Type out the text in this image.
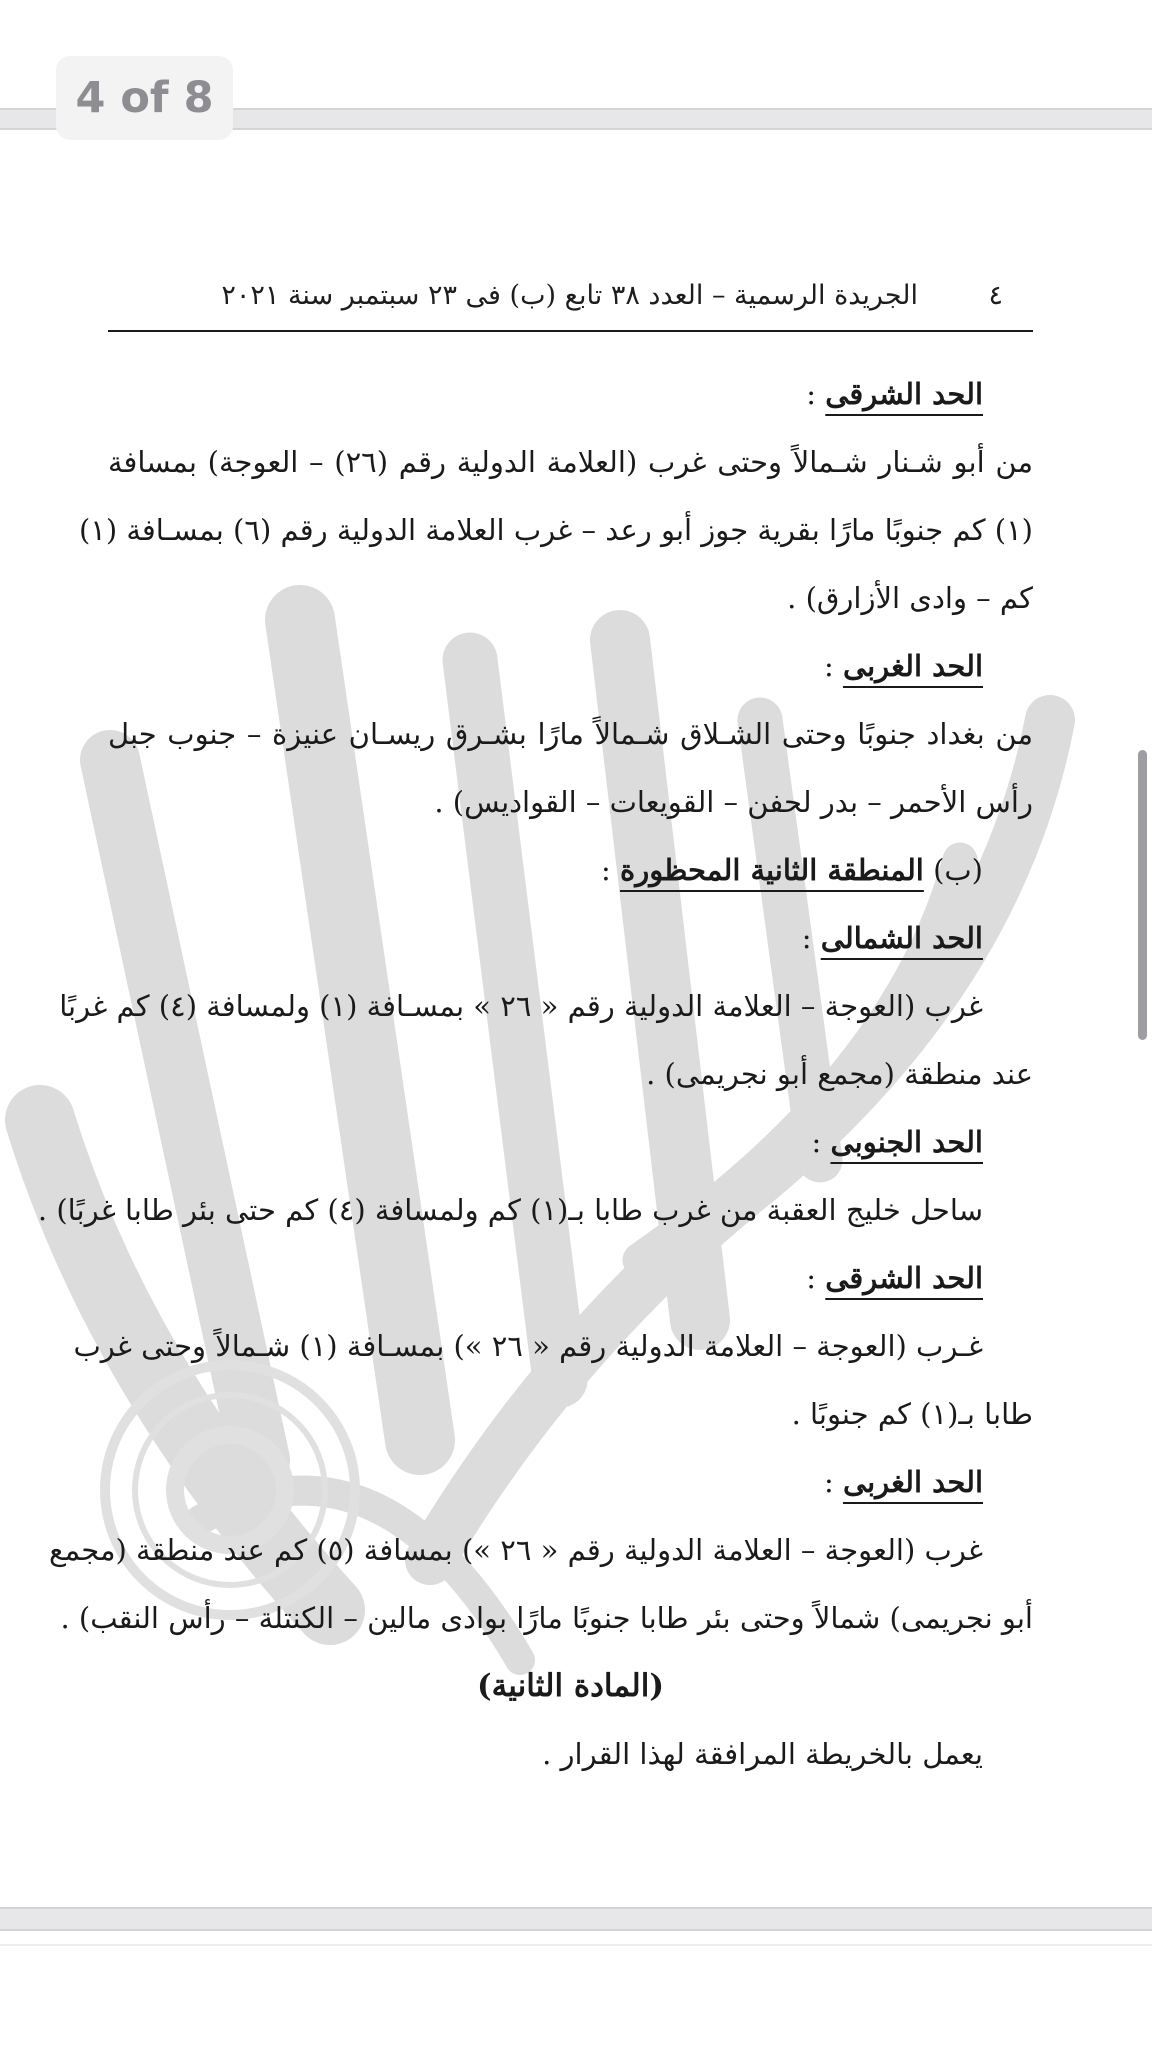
4 of 8
٤
الجريدة الرسمية – العدد ٣٨ تابع (ب) فى ٢٣ سبتمبر سنة ٢٠٢١
الحد الشرقى :
من أبو شـنار شـمالاً وحتى غرب (العلامة الدولية رقم (٢٦) – العوجة) بمسافة
(١) كم جنوبًا مارًا بقرية جوز أبو رعد – غرب العلامة الدولية رقم (٦) بمسـافة (١)
كم – وادى الأزارق) .
الحد الغربى :
من بغداد جنوبًا وحتى الشـلاق شـمالاً مارًا بشـرق ريسـان عنيزة – جنوب جبل
رأس الأحمر – بدر لحفن – القويعات – القواديس) .
(ب) المنطقة الثانية المحظورة :
الحد الشمالى :
غرب (العوجة – العلامة الدولية رقم « ٢٦ » بمسـافة (١) ولمسافة (٤) كم غربًا
عند منطقة (مجمع أبو نجريمى) .
الحد الجنوبى :
ساحل خليج العقبة من غرب طابا بـ(١) كم ولمسافة (٤) كم حتى بئر طابا غربًا) .
الحد الشرقى :
غـرب (العوجة – العلامة الدولية رقم « ٢٦ ») بمسـافة (١) شـمالاً وحتى غرب
طابا بـ(١) كم جنوبًا .
الحد الغربى :
غرب (العوجة – العلامة الدولية رقم « ٢٦ ») بمسافة (٥) كم عند منطقة (مجمع
أبو نجريمى) شمالاً وحتى بئر طابا جنوبًا مارًا بوادى مالين – الكنتلة – رأس النقب) .
(المادة الثانية)
يعمل بالخريطة المرافقة لهذا القرار .
